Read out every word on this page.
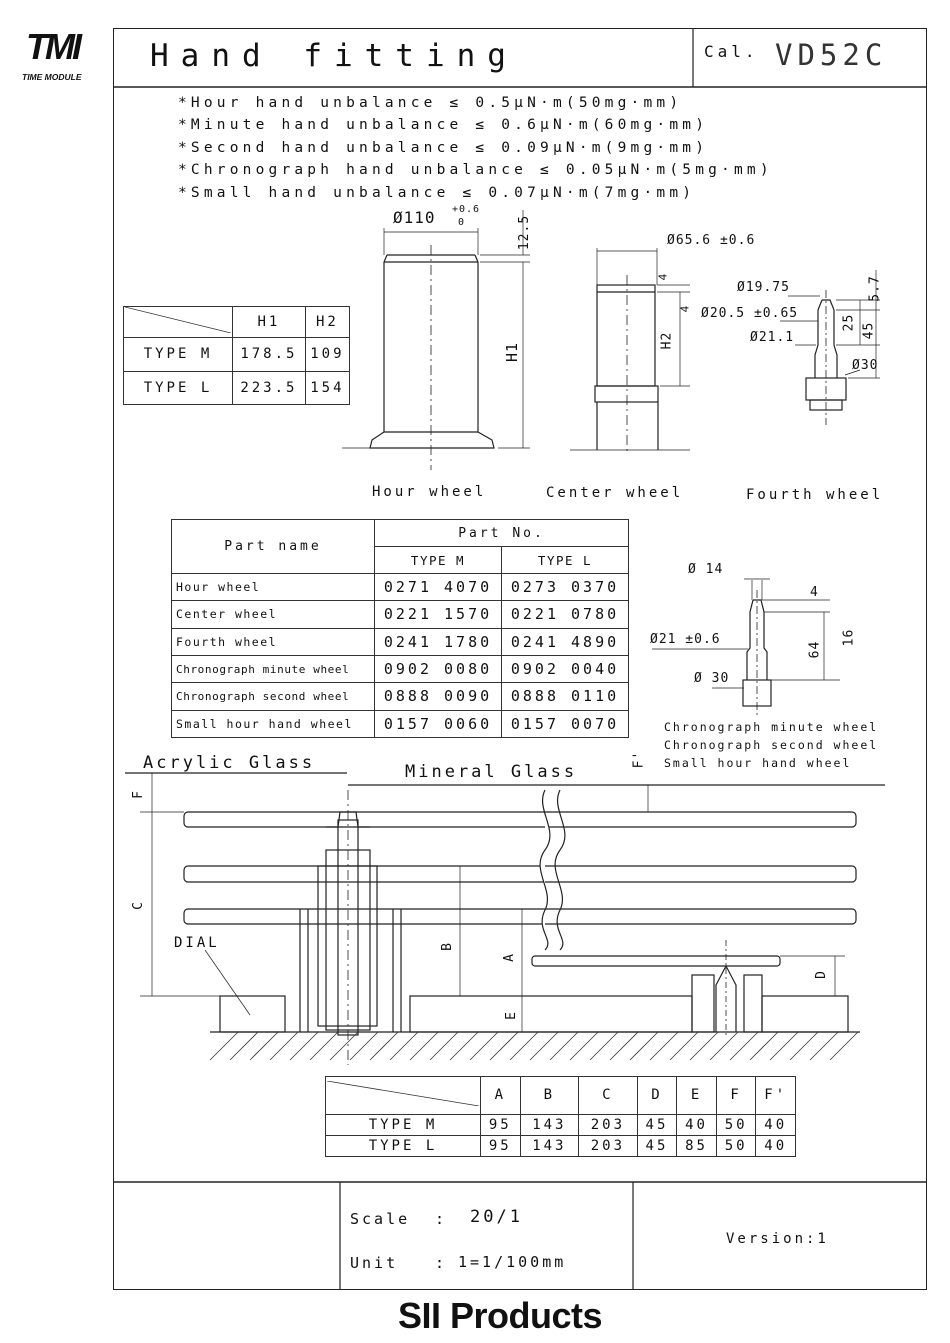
TMI
TIME MODULE
Hand fitting	Cal. VD52C
*Hour hand unbalance ≤ 0.5μN·m(50mg·mm)
*Minute hand unbalance ≤ 0.6μN·m(60mg·mm)
*Second hand unbalance ≤ 0.09μN·m(9mg·mm)
*Chronograph hand unbalance ≤ 0.05μN·m(5mg·mm)
*Small hand unbalance ≤ 0.07μN·m(7mg·mm)
	H1	H2
TYPE M	178.5	109
TYPE L	223.5	154
Ø110 +0.6
0	12.5
H1
Hour wheel
Ø65.6 ±0.6
4
4
H2
Center wheel
Ø19.75
Ø20.5 ±0.65
Ø21.1
Ø30
5.7
25 45
Fourth wheel
Part name	Part No.	
	TYPE M	TYPE L
Hour wheel	0271 4070	0273 0370
Center wheel	0221 1570	0221 0780
Fourth wheel	0241 1780	0241 4890
Chronograph minute wheel	0902 0080	0902 0040
Chronograph second wheel	0888 0090	0888 0110
Small hour hand wheel	0157 0060	0157 0070
Ø 14
Ø21 ±0.6
Ø 30
4
16
64
Chronograph minute wheel
Chronograph second wheel
Small hour hand wheel
Acrylic Glass	Mineral Glass
DIAL
F
C
B
A
E
F'
D
	A	B	C	D	E	F	F'
TYPE M	95	143	203	45	40	50	40
TYPE L	95	143	203	45	85	50	40
Scale : 20/1
Unit : 1=1/100mm
Version:1
SII Products
